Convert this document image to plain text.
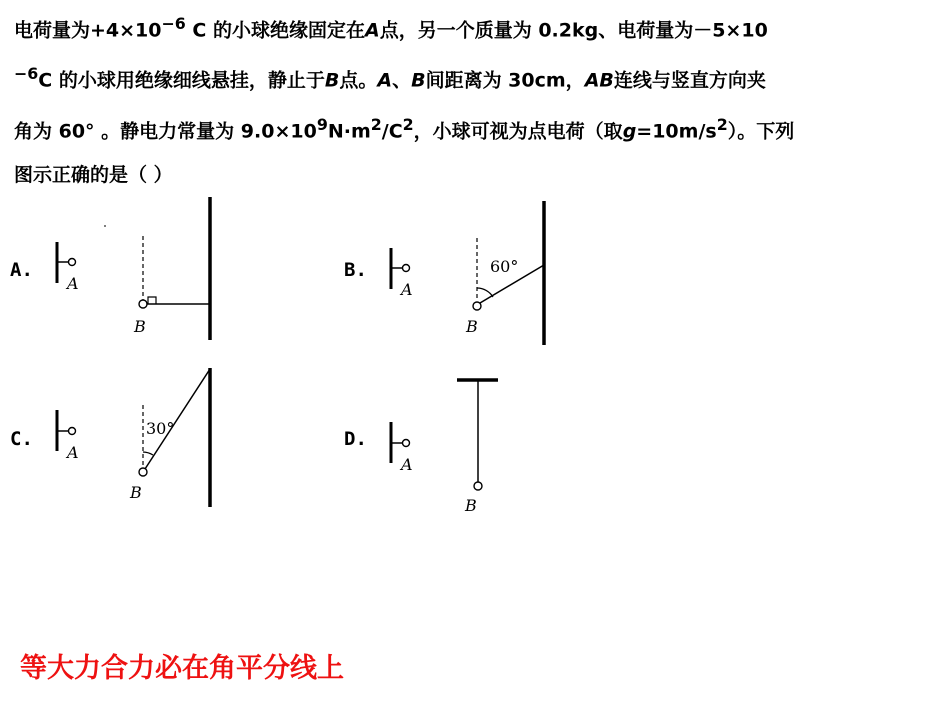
电荷量为$+4\times 10^{-6}$ C 的小球绝缘固定在A点，另一个质量为 0.2kg、电荷量为－5×10
$^{-6}$C 的小球用绝缘细线悬挂，静止于B点。A、B间距离为 30cm，AB连线与竖直方向夹
角为 60° 。静电力常量为 $9.0\times 10^9N\cdot m^2/C^2$，小球可视为点电荷（取$g=10m/s^2$）。下列
图示正确的是（ ）
A.	B.
C.	D.
A
B
A
60°
B
A
30°
B
A
B
等大力合力必在角平分线上
